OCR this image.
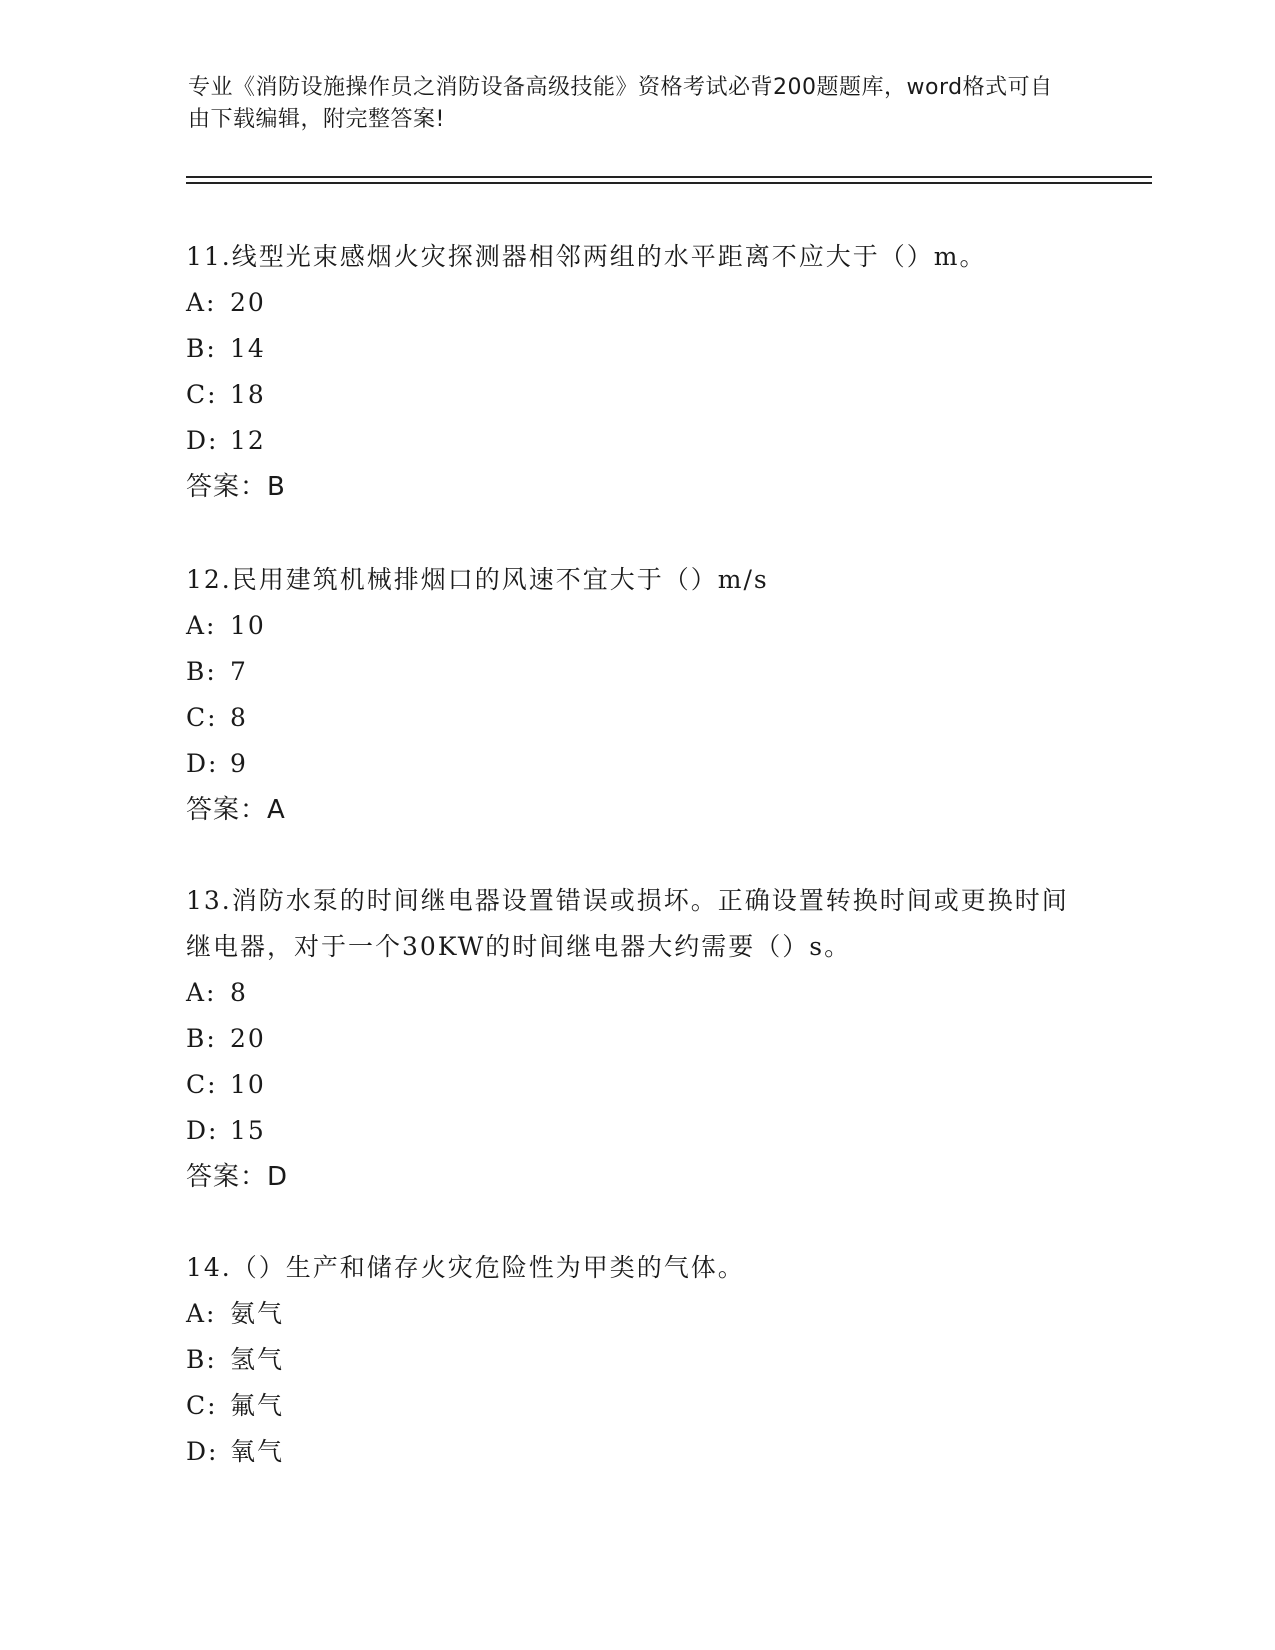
专业《消防设施操作员之消防设备高级技能》资格考试必背200题题库，word格式可自由下载编辑，附完整答案!

11.线型光束感烟火灾探测器相邻两组的水平距离不应大于（）m。

A: 20

B: 14

C: 18

D: 12

答案：B

12.民用建筑机械排烟口的风速不宜大于（）m/s

A: 10

B: 7

C: 8

D: 9

答案：A

13.消防水泵的时间继电器设置错误或损坏。正确设置转换时间或更换时间继电器，对于一个30KW的时间继电器大约需要（）s。

A: 8

B: 20

C: 10

D: 15

答案：D

14.（）生产和储存火灾危险性为甲类的气体。

A: 氨气

B: 氢气

C: 氟气

D: 氧气
